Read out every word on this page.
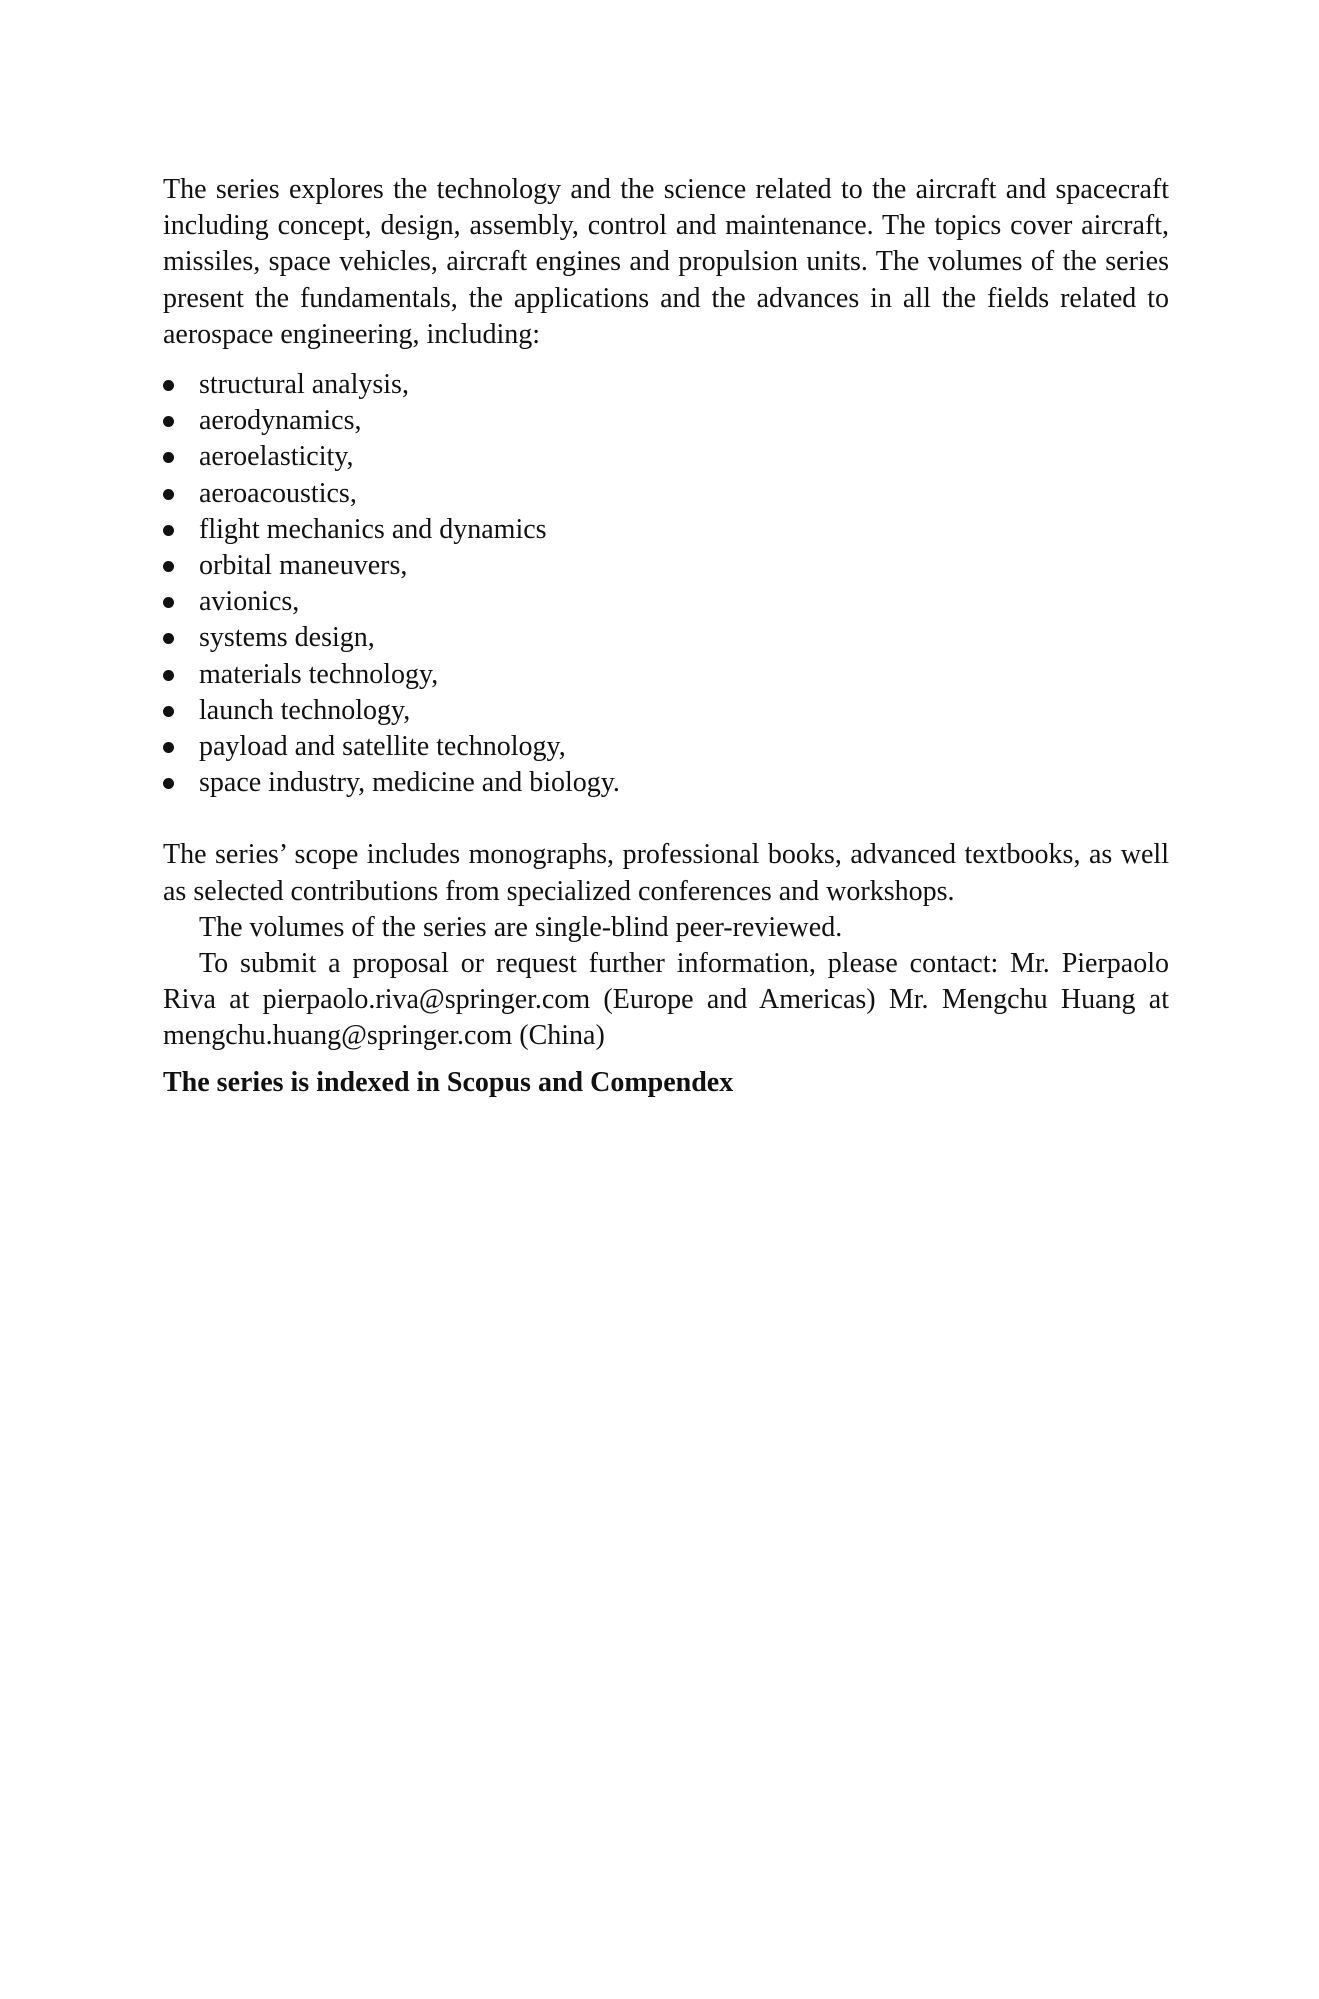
The series explores the technology and the science related to the aircraft and spacecraft including concept, design, assembly, control and maintenance. The topics cover aircraft, missiles, space vehicles, aircraft engines and propulsion units. The volumes of the series present the fundamentals, the applications and the advances in all the fields related to aerospace engineering, including:

structural analysis,
aerodynamics,
aeroelasticity,
aeroacoustics,
flight mechanics and dynamics
orbital maneuvers,
avionics,
systems design,
materials technology,
launch technology,
payload and satellite technology,
space industry, medicine and biology.

The series’ scope includes monographs, professional books, advanced textbooks, as well as selected contributions from specialized conferences and workshops.

The volumes of the series are single-blind peer-reviewed.

To submit a proposal or request further information, please contact: Mr. Pierpaolo Riva at pierpaolo.riva@springer.com (Europe and Americas) Mr. Mengchu Huang at mengchu.huang@springer.com (China)

The series is indexed in Scopus and Compendex
